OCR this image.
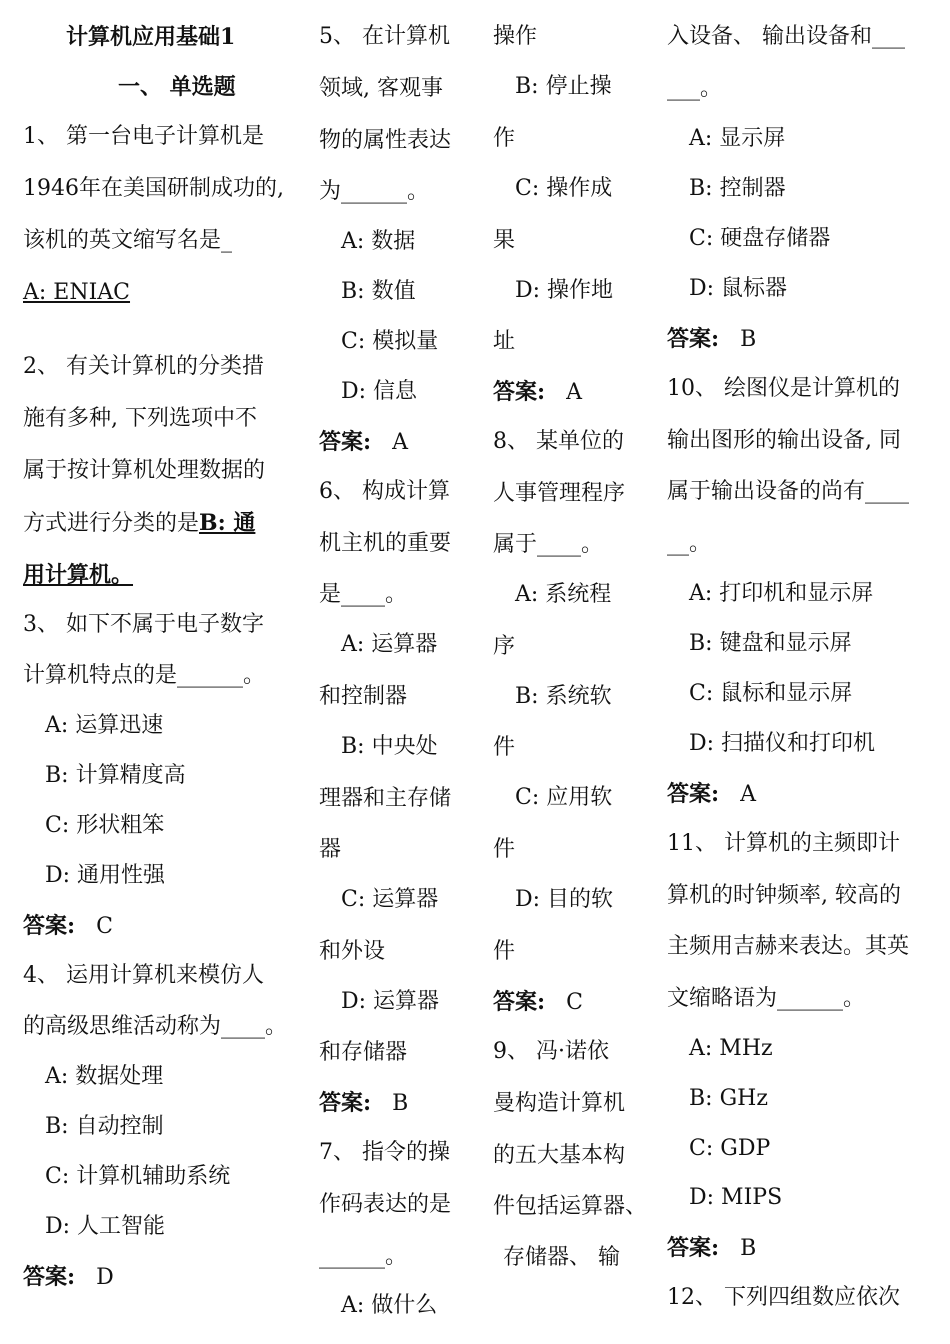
计算机应用基础1
一、 单选题
1、 第一台电子计算机是
1946年在美国研制成功的,
该机的英文缩写名是_
A: ENIAC
2、 有关计算机的分类措
施有多种, 下列选项中不
属于按计算机处理数据的
方式进行分类的是B: 通
用计算机。
3、 如下不属于电子数字
计算机特点的是______。
A: 运算迅速
B: 计算精度高
C: 形状粗笨
D: 通用性强
答案: C
4、 运用计算机来模仿人
的高级思维活动称为____。
A: 数据处理
B: 自动控制
C: 计算机辅助系统
D: 人工智能
答案: D
5、 在计算机
领域, 客观事
物的属性表达
为______。
A: 数据
B: 数值
C: 模拟量
D: 信息
答案: A
6、 构成计算
机主机的重要
是____。
A: 运算器
和控制器
B: 中央处
理器和主存储
器
C: 运算器
和外设
D: 运算器
和存储器
答案: B
7、 指令的操
作码表达的是
______。
A: 做什么
操作
B: 停止操
作
C: 操作成
果
D: 操作地
址
答案: A
8、 某单位的
人事管理程序
属于____。
A: 系统程
序
B: 系统软
件
C: 应用软
件
D: 目的软
件
答案: C
9、 冯·诺依
曼构造计算机
的五大基本构
件包括运算器、
存储器、 输
入设备、 输出设备和___
___。
A: 显示屏
B: 控制器
C: 硬盘存储器
D: 鼠标器
答案: B
10、 绘图仪是计算机的
输出图形的输出设备, 同
属于输出设备的尚有____
__。
A: 打印机和显示屏
B: 键盘和显示屏
C: 鼠标和显示屏
D: 扫描仪和打印机
答案: A
11、 计算机的主频即计
算机的时钟频率, 较高的
主频用吉赫来表达。其英
文缩略语为______。
A: MHz
B: GHz
C: GDP
D: MIPS
答案: B
12、 下列四组数应依次
